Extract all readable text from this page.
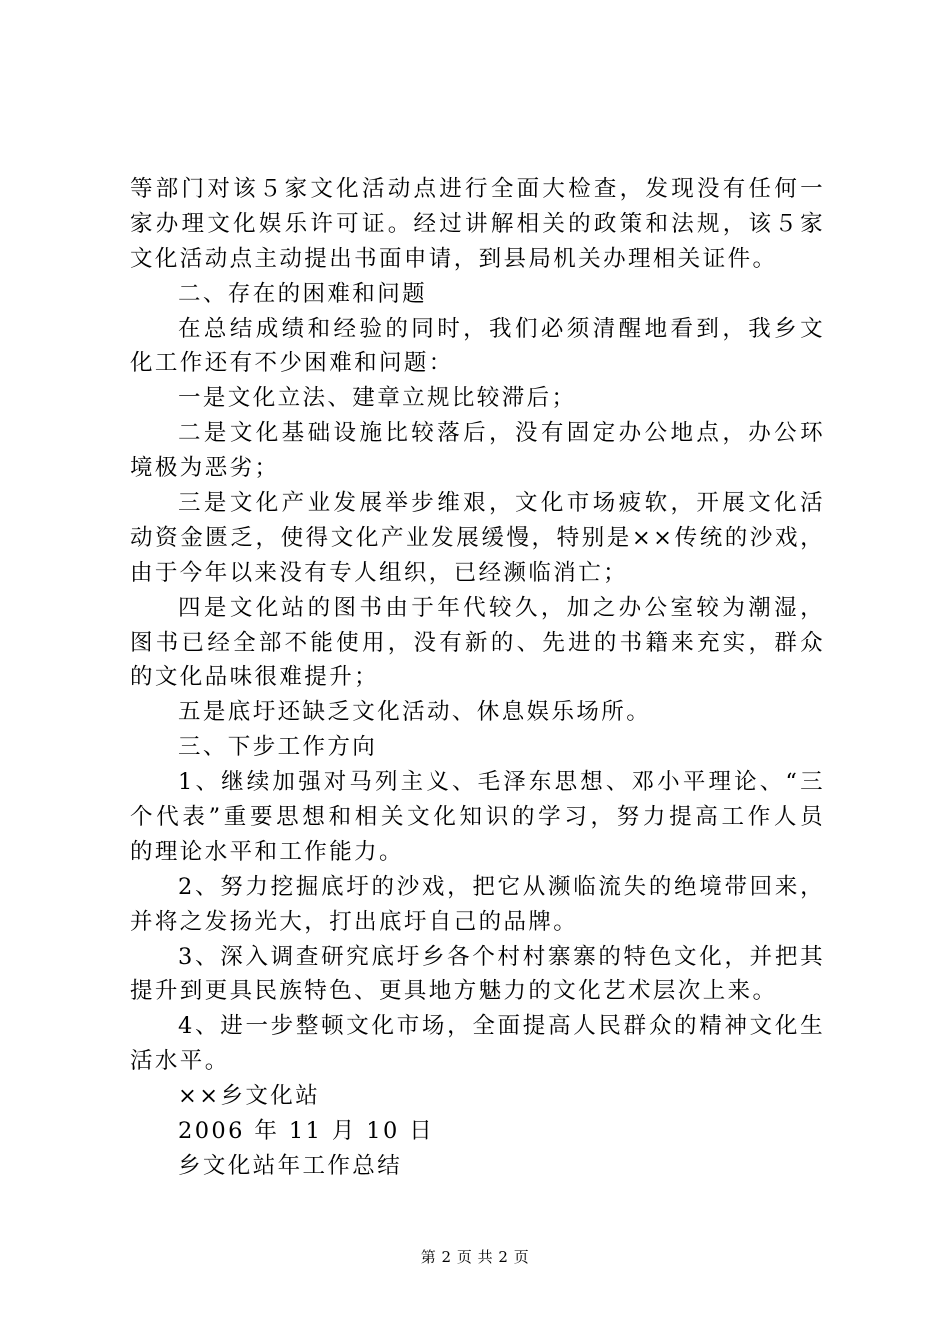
等部门对该５家文化活动点进行全面大检查，发现没有任何一
家办理文化娱乐许可证。经过讲解相关的政策和法规，该５家
文化活动点主动提出书面申请，到县局机关办理相关证件。
二、存在的困难和问题
在总结成绩和经验的同时，我们必须清醒地看到，我乡文
化工作还有不少困难和问题：
一是文化立法、建章立规比较滞后；
二是文化基础设施比较落后，没有固定办公地点，办公环
境极为恶劣；
三是文化产业发展举步维艰，文化市场疲软，开展文化活
动资金匮乏，使得文化产业发展缓慢，特别是××传统的沙戏，
由于今年以来没有专人组织，已经濒临消亡；
四是文化站的图书由于年代较久，加之办公室较为潮湿，
图书已经全部不能使用，没有新的、先进的书籍来充实，群众
的文化品味很难提升；
五是底圩还缺乏文化活动、休息娱乐场所。
三、下步工作方向
1、继续加强对马列主义、毛泽东思想、邓小平理论、“三
个代表”重要思想和相关文化知识的学习，努力提高工作人员
的理论水平和工作能力。
2、努力挖掘底圩的沙戏，把它从濒临流失的绝境带回来，
并将之发扬光大，打出底圩自己的品牌。
3、深入调查研究底圩乡各个村村寨寨的特色文化，并把其
提升到更具民族特色、更具地方魅力的文化艺术层次上来。
4、进一步整顿文化市场，全面提高人民群众的精神文化生
活水平。
××乡文化站
2006 年 11 月 10 日
乡文化站年工作总结
第 2 页 共 2 页
